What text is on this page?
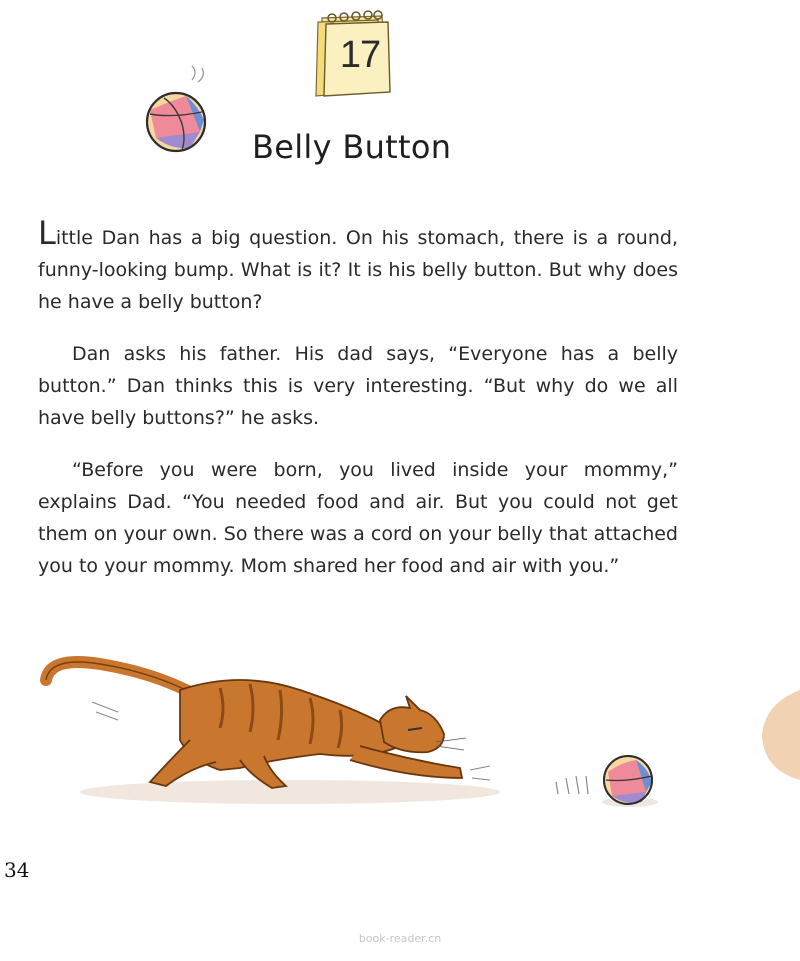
17
Belly Button

Little Dan has a big question. On his stomach, there is a round, funny-looking bump. What is it? It is his belly button. But why does he have a belly button?

Dan asks his father. His dad says, “Everyone has a belly button.” Dan thinks this is very interesting. “But why do we all have belly buttons?” he asks.

“Before you were born, you lived inside your mommy,” explains Dad. “You needed food and air. But you could not get them on your own. So there was a cord on your belly that attached you to your mommy. Mom shared her food and air with you.”

34
book-reader.cn
